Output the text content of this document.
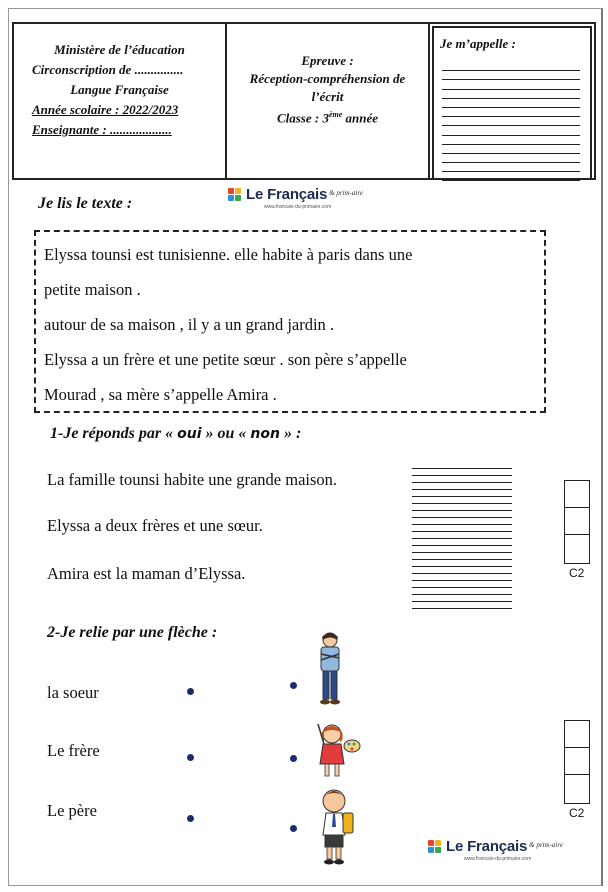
Ministère de l’éducation
Circonscription de ...............
Langue Française
Année scolaire : 2022/2023
Enseignante : ...................
Epreuve :
Réception-compréhension de l’écrit
Classe : 3ème année
Je m’appelle :
Je lis le texte :
Le Français & prim-aire
www.francais-du-primaire.com
Elyssa tounsi est tunisienne. elle habite à paris dans une
petite maison .
autour de sa maison , il y a un grand jardin .
Elyssa a un frère et une petite sœur . son père s’appelle
Mourad , sa mère s’appelle Amira .
1-Je réponds par « oui » ou « non » :
La famille tounsi habite une grande maison.
Elyssa a deux frères et une sœur.
Amira est la maman d’Elyssa.	C2
2-Je relie par une flèche :
la soeur
Le frère
Le père	C2
Le Français & prim-aire
www.francais-du-primaire.com
